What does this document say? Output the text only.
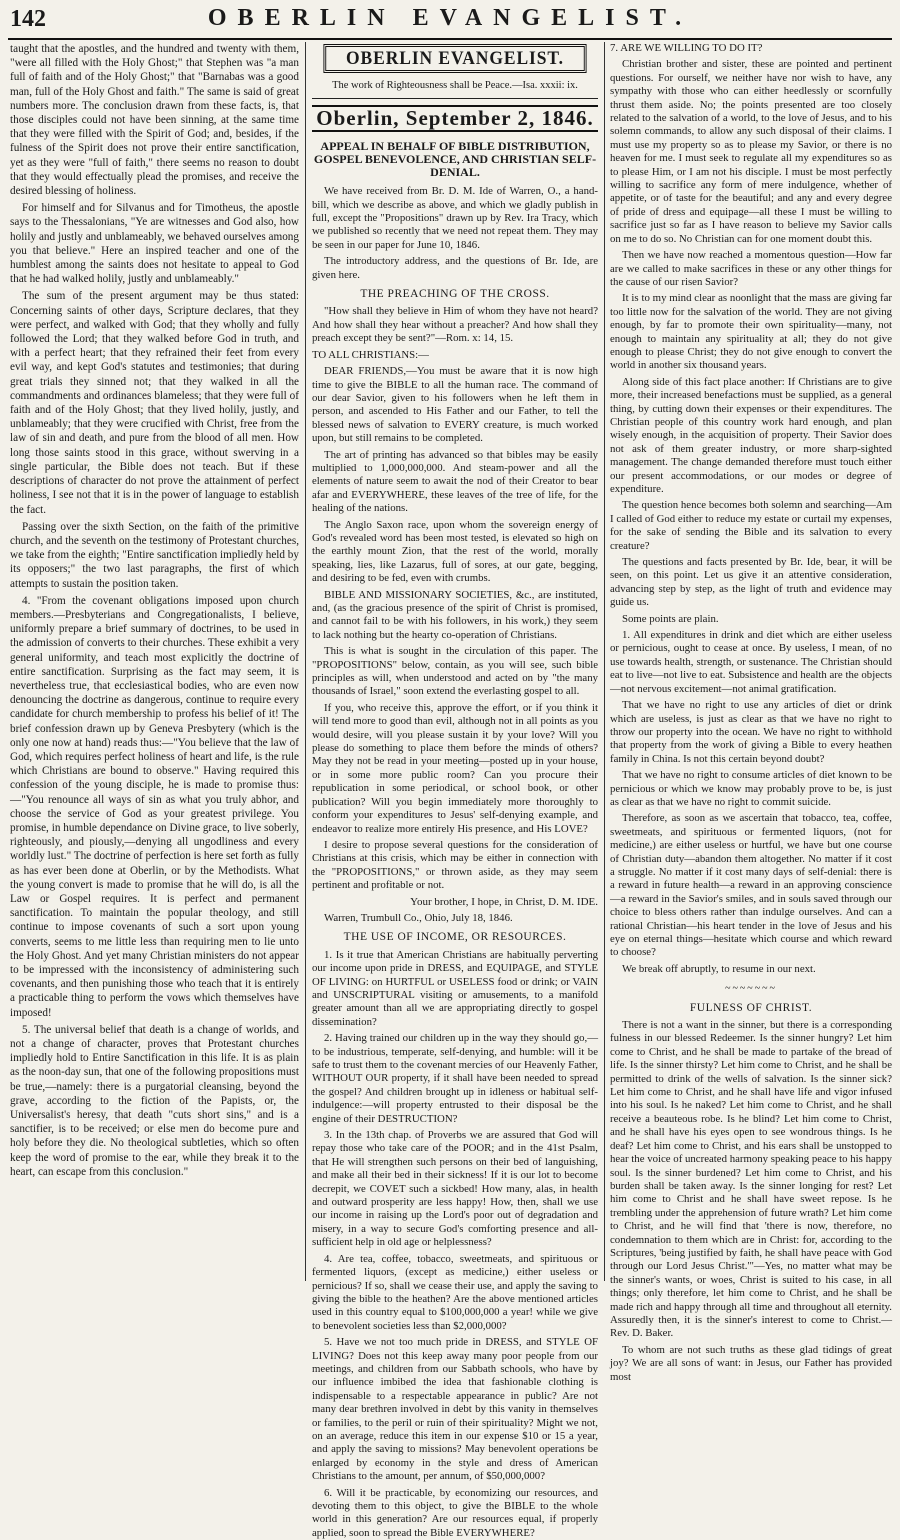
142	OBERLIN EVANGELIST.

taught that the apostles, and the hundred and twenty with them, "were all filled with the Holy Ghost;" that Stephen was "a man full of faith and of the Holy Ghost;" that "Barnabas was a good man, full of the Holy Ghost and faith." The same is said of great numbers more. The conclusion drawn from these facts, is, that those disciples could not have been sinning, at the same time that they were filled with the Spirit of God; and, besides, if the fulness of the Spirit does not prove their entire sanctification, yet as they were "full of faith," there seems no reason to doubt that they would effectually plead the promises, and receive the desired blessing of holiness.

For himself and for Silvanus and for Timotheus, the apostle says to the Thessalonians, "Ye are witnesses and God also, how holily and justly and unblameably, we behaved ourselves among you that believe." Here an inspired teacher and one of the humblest among the saints does not hesitate to appeal to God that he had walked holily, justly and unblameably."

The sum of the present argument may be thus stated: Concerning saints of other days, Scripture declares, that they were perfect, and walked with God; that they wholly and fully followed the Lord; that they walked before God in truth, and with a perfect heart; that they refrained their feet from every evil way, and kept God's statutes and testimonies; that during great trials they sinned not; that they walked in all the commandments and ordinances blameless; that they were full of faith and of the Holy Ghost; that they lived holily, justly, and unblameably; that they were crucified with Christ, free from the law of sin and death, and pure from the blood of all men. How long those saints stood in this grace, without swerving in a single particular, the Bible does not teach. But if these descriptions of character do not prove the attainment of perfect holiness, I see not that it is in the power of language to establish the fact.

Passing over the sixth Section, on the faith of the primitive church, and the seventh on the testimony of Protestant churches, we take from the eighth; "Entire sanctification impliedly held by its opposers;" the two last paragraphs, the first of which attempts to sustain the position taken.

4. "From the covenant obligations imposed upon church members.—Presbyterians and Congregationalists, I believe, uniformly prepare a brief summary of doctrines, to be used in the admission of converts to their churches. These exhibit a very general uniformity, and teach most explicitly the doctrine of entire sanctification. Surprising as the fact may seem, it is nevertheless true, that ecclesiastical bodies, who are even now denouncing the doctrine as dangerous, continue to require every candidate for church membership to profess his belief of it! The brief confession drawn up by Geneva Presbytery (which is the only one now at hand) reads thus:—"You believe that the law of God, which requires perfect holiness of heart and life, is the rule which Christians are bound to observe." Having required this confession of the young disciple, he is made to promise thus:—"You renounce all ways of sin as what you truly abhor, and choose the service of God as your greatest privilege. You promise, in humble dependance on Divine grace, to live soberly, righteously, and piously,—denying all ungodliness and every worldly lust." The doctrine of perfection is here set forth as fully as has ever been done at Oberlin, or by the Methodists. What the young convert is made to promise that he will do, is all the Law or Gospel requires. It is perfect and permanent sanctification. To maintain the popular theology, and still continue to impose covenants of such a sort upon young converts, seems to me little less than requiring men to lie unto the Holy Ghost. And yet many Christian ministers do not appear to be impressed with the inconsistency of administering such covenants, and then punishing those who teach that it is entirely a practicable thing to perform the vows which themselves have imposed!

5. The universal belief that death is a change of worlds, and not a change of character, proves that Protestant churches impliedly hold to Entire Sanctification in this life. It is as plain as the noon-day sun, that one of the following propositions must be true,—namely: there is a purgatorial cleansing, beyond the grave, according to the fiction of the Papists, or, the Universalist's heresy, that death "cuts short sins," and is a sanctifier, is to be received; or else men do become pure and holy before they die. No theological subtleties, which so often keep the word of promise to the ear, while they break it to the heart, can escape from this conclusion."

OBERLIN EVANGELIST.
The work of Righteousness shall be Peace.—Isa. xxxii: ix.
Oberlin, September 2, 1846.
APPEAL IN BEHALF OF BIBLE DISTRIBUTION, GOSPEL BENEVOLENCE, AND CHRISTIAN SELF-DENIAL.

We have received from Br. D. M. Ide of Warren, O., a hand-bill, which we describe as above, and which we gladly publish in full, except the "Propositions" drawn up by Rev. Ira Tracy, which we published so recently that we need not repeat them. They may be seen in our paper for June 10, 1846.

The introductory address, and the questions of Br. Ide, are given here.

THE PREACHING OF THE CROSS.

"How shall they believe in Him of whom they have not heard? And how shall they hear without a preacher? And how shall they preach except they be sent?"—Rom. x: 14, 15.

TO ALL CHRISTIANS:—

DEAR FRIENDS,—You must be aware that it is now high time to give the BIBLE to all the human race. The command of our dear Savior, given to his followers when he left them in person, and ascended to His Father and our Father, to tell the blessed news of salvation to EVERY creature, is much worked upon, but still remains to be completed.

The art of printing has advanced so that bibles may be easily multiplied to 1,000,000,000. And steam-power and all the elements of nature seem to await the nod of their Creator to bear afar and EVERYWHERE, these leaves of the tree of life, for the healing of the nations.

The Anglo Saxon race, upon whom the sovereign energy of God's revealed word has been most tested, is elevated so high on the earthly mount Zion, that the rest of the world, morally speaking, lies, like Lazarus, full of sores, at our gate, begging, and desiring to be fed, even with crumbs.

BIBLE AND MISSIONARY SOCIETIES, &c., are instituted, and, (as the gracious presence of the spirit of Christ is promised, and cannot fail to be with his followers, in his work,) they seem to lack nothing but the hearty co-operation of Christians.

This is what is sought in the circulation of this paper. The "PROPOSITIONS" below, contain, as you will see, such bible principles as will, when understood and acted on by "the many thousands of Israel," soon extend the everlasting gospel to all.

If you, who receive this, approve the effort, or if you think it will tend more to good than evil, although not in all points as you would desire, will you please sustain it by your love? Will you please do something to place them before the minds of others? May they not be read in your meeting—posted up in your house, or in some more public room? Can you procure their republication in some periodical, or school book, or other publication? Will you begin immediately more thoroughly to conform your expenditures to Jesus' self-denying example, and endeavor to realize more entirely His presence, and His LOVE?

I desire to propose several questions for the consideration of Christians at this crisis, which may be either in connection with the "PROPOSITIONS," or thrown aside, as they may seem pertinent and profitable or not.

Your brother, I hope, in Christ, D. M. IDE.

Warren, Trumbull Co., Ohio, July 18, 1846.

THE USE OF INCOME, OR RESOURCES.

1. Is it true that American Christians are habitually perverting our income upon pride in DRESS, and EQUIPAGE, and STYLE OF LIVING: on HURTFUL or USELESS food or drink; or VAIN and UNSCRIPTURAL visiting or amusements, to a manifold greater amount than all we are appropriating directly to gospel dissemination?

2. Having trained our children up in the way they should go,—to be industrious, temperate, self-denying, and humble: will it be safe to trust them to the covenant mercies of our Heavenly Father, WITHOUT OUR property, if it shall have been needed to spread the gospel? And children brought up in idleness or habitual self-indulgence:—will property entrusted to their disposal be the engine of their DESTRUCTION?

3. In the 13th chap. of Proverbs we are assured that God will repay those who take care of the POOR; and in the 41st Psalm, that He will strengthen such persons on their bed of languishing, and make all their bed in their sickness! If it is our lot to become decrepit, we COVET such a sickbed! How many, alas, in health and outward prosperity are less happy! How, then, shall we use our income in raising up the Lord's poor out of degradation and misery, in a way to secure God's comforting presence and all-sufficient help in old age or helplessness?

4. Are tea, coffee, tobacco, sweetmeats, and spirituous or fermented liquors, (except as medicine,) either useless or pernicious? If so, shall we cease their use, and apply the saving to giving the bible to the heathen? Are the above mentioned articles used in this country equal to $100,000,000 a year! while we give to benevolent societies less than $2,000,000?

5. Have we not too much pride in DRESS, and STYLE OF LIVING? Does not this keep away many poor people from our meetings, and children from our Sabbath schools, who have by our influence imbibed the idea that fashionable clothing is indispensable to a respectable appearance in public? Are not many dear brethren involved in debt by this vanity in themselves or families, to the peril or ruin of their spirituality? Might we not, on an average, reduce this item in our expense $10 or 15 a year, and apply the saving to missions? May benevolent operations be enlarged by economy in the style and dress of American Christians to the amount, per annum, of $50,000,000?

6. Will it be practicable, by economizing our resources, and devoting them to this object, to give the BIBLE to the whole world in this generation? Are our resources equal, if properly applied, soon to spread the Bible EVERYWHERE?

7. ARE WE WILLING TO DO IT?

Christian brother and sister, these are pointed and pertinent questions. For ourself, we neither have nor wish to have, any sympathy with those who can either heedlessly or scornfully thrust them aside. No; the points presented are too closely related to the salvation of a world, to the love of Jesus, and to his solemn commands, to allow any such disposal of their claims. I must use my property so as to please my Savior, or there is no heaven for me. I must seek to regulate all my expenditures so as to please Him, or I am not his disciple. I must be most perfectly willing to sacrifice any form of mere indulgence, whether of appetite, or of taste for the beautiful; and any and every degree of pride of dress and equipage—all these I must be willing to sacrifice just so far as I have reason to believe my Savior calls on me to do so. No Christian can for one moment doubt this.

Then we have now reached a momentous question—How far are we called to make sacrifices in these or any other things for the cause of our risen Savior?

It is to my mind clear as noonlight that the mass are giving far too little now for the salvation of the world. They are not giving enough, by far to promote their own spirituality—many, not enough to maintain any spirituality at all; they do not give enough to please Christ; they do not give enough to convert the world in another six thousand years.

Along side of this fact place another: If Christians are to give more, their increased benefactions must be supplied, as a general thing, by cutting down their expenses or their expenditures. The Christian people of this country work hard enough, and plan wisely enough, in the acquisition of property. Their Savior does not ask of them greater industry, or more sharp-sighted management. The change demanded therefore must touch either our present accommodations, or our modes or degree of expenditure.

The question hence becomes both solemn and searching—Am I called of God either to reduce my estate or curtail my expenses, for the sake of sending the Bible and its salvation to every creature?

The questions and facts presented by Br. Ide, bear, it will be seen, on this point. Let us give it an attentive consideration, advancing step by step, as the light of truth and evidence may guide us.

Some points are plain.

1. All expenditures in drink and diet which are either useless or pernicious, ought to cease at once. By useless, I mean, of no use towards health, strength, or sustenance. The Christian should eat to live—not live to eat. Subsistence and health are the objects—not nervous excitement—not animal gratification.

That we have no right to use any articles of diet or drink which are useless, is just as clear as that we have no right to throw our property into the ocean. We have no right to withhold that property from the work of giving a Bible to every heathen family in China. Is not this certain beyond doubt?

That we have no right to consume articles of diet known to be pernicious or which we know may probably prove to be, is just as clear as that we have no right to commit suicide.

Therefore, as soon as we ascertain that tobacco, tea, coffee, sweetmeats, and spirituous or fermented liquors, (not for medicine,) are either useless or hurtful, we have but one course of Christian duty—abandon them altogether. No matter if it cost a struggle. No matter if it cost many days of self-denial: there is a reward in future health—a reward in an approving conscience—a reward in the Savior's smiles, and in souls saved through our choice to bless others rather than indulge ourselves. And can a rational Christian—his heart tender in the love of Jesus and his eye on eternal things—hesitate which course and which reward to choose?

We break off abruptly, to resume in our next.

~~~~~~~
FULNESS OF CHRIST.

There is not a want in the sinner, but there is a corresponding fulness in our blessed Redeemer. Is the sinner hungry? Let him come to Christ, and he shall be made to partake of the bread of life. Is the sinner thirsty? Let him come to Christ, and he shall be permitted to drink of the wells of salvation. Is the sinner sick? Let him come to Christ, and he shall have life and vigor infused into his soul. Is he naked? Let him come to Christ, and he shall receive a beauteous robe. Is he blind? Let him come to Christ, and he shall have his eyes open to see wondrous things. Is he deaf? Let him come to Christ, and his ears shall be unstopped to hear the voice of uncreated harmony speaking peace to his happy soul. Is the sinner burdened? Let him come to Christ, and his burden shall be taken away. Is the sinner longing for rest? Let him come to Christ and he shall have sweet repose. Is he trembling under the apprehension of future wrath? Let him come to Christ, and he will find that 'there is now, therefore, no condemnation to them which are in Christ: for, according to the Scriptures, 'being justified by faith, he shall have peace with God through our Lord Jesus Christ.'"—Yes, no matter what may be the sinner's wants, or woes, Christ is suited to his case, in all things; only therefore, let him come to Christ, and he shall be made rich and happy through all time and throughout all eternity. Assuredly then, it is the sinner's interest to come to Christ.—Rev. D. Baker.

To whom are not such truths as these glad tidings of great joy? We are all sons of want: in Jesus, our Father has provided most
